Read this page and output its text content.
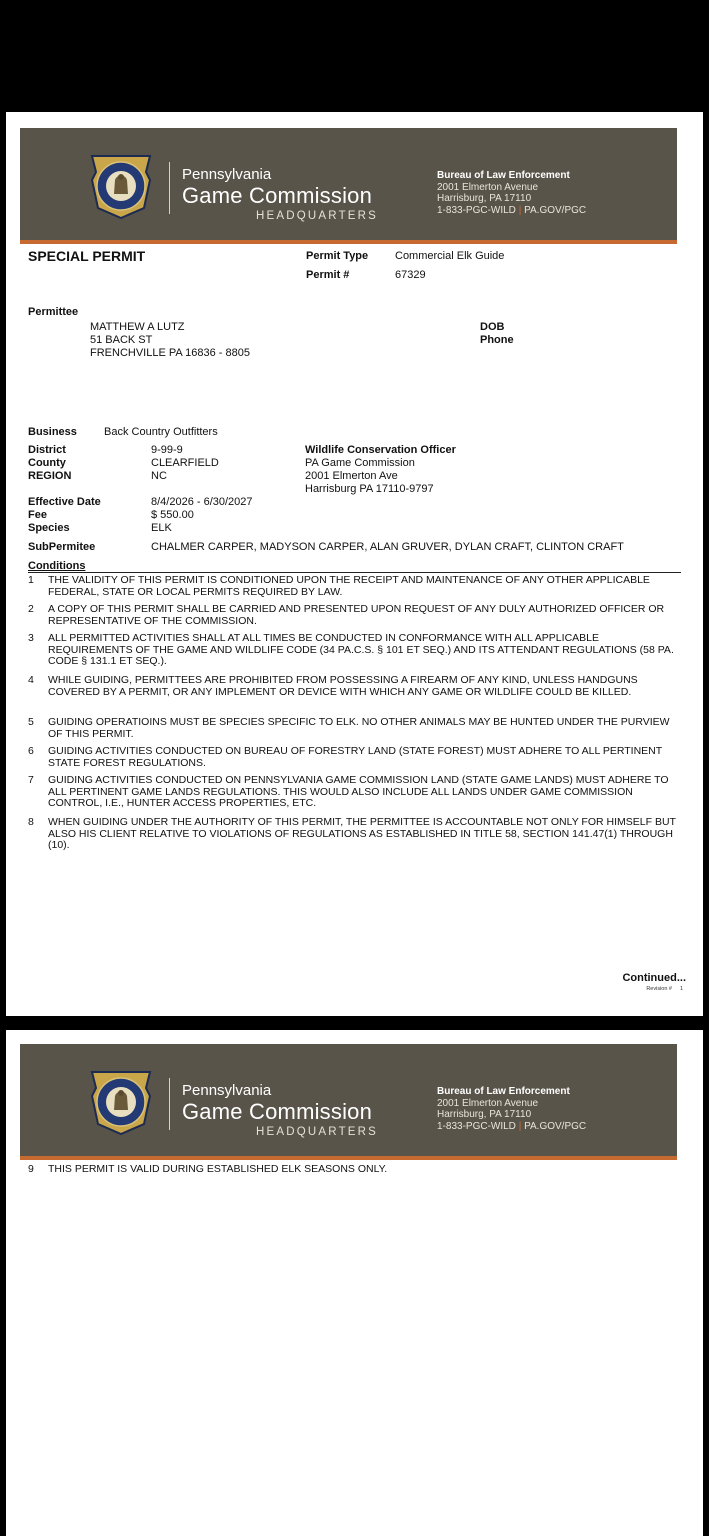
Pennsylvania
Game Commission
HEADQUARTERS
Bureau of Law Enforcement
2001 Elmerton Avenue
Harrisburg, PA 17110
1-833-PGC-WILD | PA.GOV/PGC
SPECIAL PERMIT	Permit Type Commercial Elk Guide
Permit #	67329
Permittee
MATTHEW A LUTZ
51 BACK ST
FRENCHVILLE PA 16836 - 8805
DOB
Phone
Business Back Country Outfitters
District	9-99-9
County	CLEARFIELD
REGION	NC
Wildlife Conservation Officer
PA Game Commission
2001 Elmerton Ave
Harrisburg PA 17110-9797
Effective Date	8/4/2026 - 6/30/2027
Fee	$ 550.00
Species	ELK
SubPermitee	CHALMER CARPER, MADYSON CARPER, ALAN GRUVER, DYLAN CRAFT, CLINTON CRAFT
Conditions
1	THE VALIDITY OF THIS PERMIT IS CONDITIONED UPON THE RECEIPT AND MAINTENANCE OF ANY OTHER APPLICABLE FEDERAL, STATE OR LOCAL PERMITS REQUIRED BY LAW.
2	A COPY OF THIS PERMIT SHALL BE CARRIED AND PRESENTED UPON REQUEST OF ANY DULY AUTHORIZED OFFICER OR REPRESENTATIVE OF THE COMMISSION.
3	ALL PERMITTED ACTIVITIES SHALL AT ALL TIMES BE CONDUCTED IN CONFORMANCE WITH ALL APPLICABLE REQUIREMENTS OF THE GAME AND WILDLIFE CODE (34 PA.C.S. § 101 ET SEQ.) AND ITS ATTENDANT REGULATIONS (58 PA. CODE § 131.1 ET SEQ.).
4	WHILE GUIDING, PERMITTEES ARE PROHIBITED FROM POSSESSING A FIREARM OF ANY KIND, UNLESS HANDGUNS COVERED BY A PERMIT, OR ANY IMPLEMENT OR DEVICE WITH WHICH ANY GAME OR WILDLIFE COULD BE KILLED.
5	GUIDING OPERATIOINS MUST BE SPECIES SPECIFIC TO ELK. NO OTHER ANIMALS MAY BE HUNTED UNDER THE PURVIEW OF THIS PERMIT.
6	GUIDING ACTIVITIES CONDUCTED ON BUREAU OF FORESTRY LAND (STATE FOREST) MUST ADHERE TO ALL PERTINENT STATE FOREST REGULATIONS.
7	GUIDING ACTIVITIES CONDUCTED ON PENNSYLVANIA GAME COMMISSION LAND (STATE GAME LANDS) MUST ADHERE TO ALL PERTINENT GAME LANDS REGULATIONS. THIS WOULD ALSO INCLUDE ALL LANDS UNDER GAME COMMISSION CONTROL, I.E., HUNTER ACCESS PROPERTIES, ETC.
8	WHEN GUIDING UNDER THE AUTHORITY OF THIS PERMIT, THE PERMITTEE IS ACCOUNTABLE NOT ONLY FOR HIMSELF BUT ALSO HIS CLIENT RELATIVE TO VIOLATIONS OF REGULATIONS AS ESTABLISHED IN TITLE 58, SECTION 141.47(1) THROUGH (10).
Continued...
Revision # 1
Pennsylvania
Game Commission
HEADQUARTERS
Bureau of Law Enforcement
2001 Elmerton Avenue
Harrisburg, PA 17110
1-833-PGC-WILD | PA.GOV/PGC
9	THIS PERMIT IS VALID DURING ESTABLISHED ELK SEASONS ONLY.
